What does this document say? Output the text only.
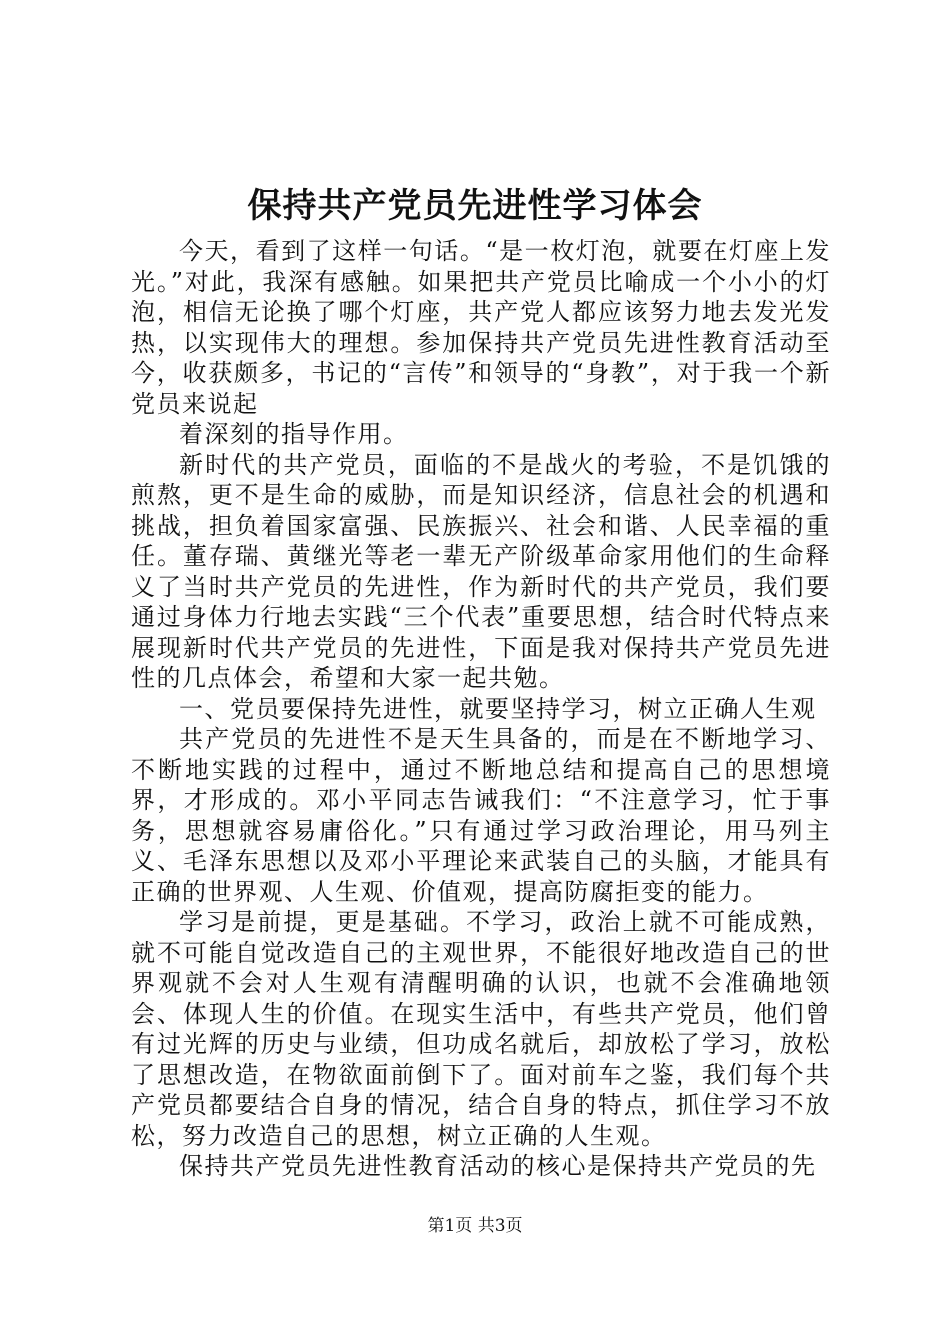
保持共产党员先进性学习体会

今天，看到了这样一句话。“是一枚灯泡，就要在灯座上发光。”对此，我深有感触。如果把共产党员比喻成一个小小的灯泡，相信无论换了哪个灯座，共产党人都应该努力地去发光发热，以实现伟大的理想。参加保持共产党员先进性教育活动至今，收获颇多，书记的“言传”和领导的“身教”，对于我一个新党员来说起

着深刻的指导作用。

新时代的共产党员，面临的不是战火的考验，不是饥饿的煎熬，更不是生命的威胁，而是知识经济，信息社会的机遇和挑战，担负着国家富强、民族振兴、社会和谐、人民幸福的重任。董存瑞、黄继光等老一辈无产阶级革命家用他们的生命释义了当时共产党员的先进性，作为新时代的共产党员，我们要通过身体力行地去实践“三个代表”重要思想，结合时代特点来展现新时代共产党员的先进性，下面是我对保持共产党员先进性的几点体会，希望和大家一起共勉。

一、党员要保持先进性，就要坚持学习，树立正确人生观

共产党员的先进性不是天生具备的，而是在不断地学习、不断地实践的过程中，通过不断地总结和提高自己的思想境界，才形成的。邓小平同志告诫我们：“不注意学习，忙于事务，思想就容易庸俗化。”只有通过学习政治理论，用马列主义、毛泽东思想以及邓小平理论来武装自己的头脑，才能具有正确的世界观、人生观、价值观，提高防腐拒变的能力。

学习是前提，更是基础。不学习，政治上就不可能成熟，就不可能自觉改造自己的主观世界，不能很好地改造自己的世界观就不会对人生观有清醒明确的认识，也就不会准确地领会、体现人生的价值。在现实生活中，有些共产党员，他们曾有过光辉的历史与业绩，但功成名就后，却放松了学习，放松了思想改造，在物欲面前倒下了。面对前车之鉴，我们每个共产党员都要结合自身的情况，结合自身的特点，抓住学习不放松，努力改造自己的思想，树立正确的人生观。

保持共产党员先进性教育活动的核心是保持共产党员的先

第1页 共3页
